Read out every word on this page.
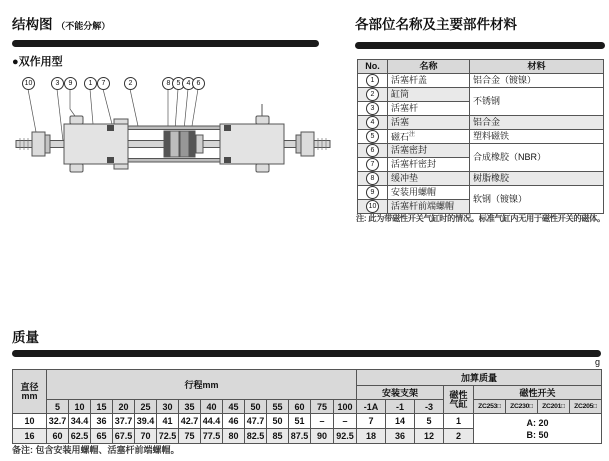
结构图 （不能分解）
●双作用型
10	3	9	1	7	2	8 5 4 6
各部位名称及主要部件材料
No.	名称	材料
1	活塞杆盖	铝合金（镀镍）
2	缸筒	不锈钢
3	活塞杆	
4	活塞	铝合金
5	磁石$^注$	塑料磁铁
6	活塞密封	合成橡胶（NBR）
7	活塞杆密封	
8	缓冲垫	树脂橡胶
9	安装用螺帽	软钢（镀镍）
10	活塞杆前端螺帽	
注: 此为带磁性开关气缸时的情况。标准气缸内无用于磁性开关的磁体。
质量
g
直径
mm	行程mm														加算质量							
															安装支架			磁性
气缸	磁性开关			
	5	10	15	20	25	30	35	40	45	50	55	60	75	100	-1A	-1	-3		ZC253□	ZC230□	ZC201□	ZC205□
10	32.7	34.4	36	37.7	39.4	41	42.7	44.4	46	47.7	50	51	–	–	7	14	5	1	A: 20
B: 50			

16	60	62.5	65	67.5	70	72.5	75	77.5	80	82.5	85	87.5	90	92.5	18	36	12	2				
备注: 包含安装用螺帽、活塞杆前端螺帽。
